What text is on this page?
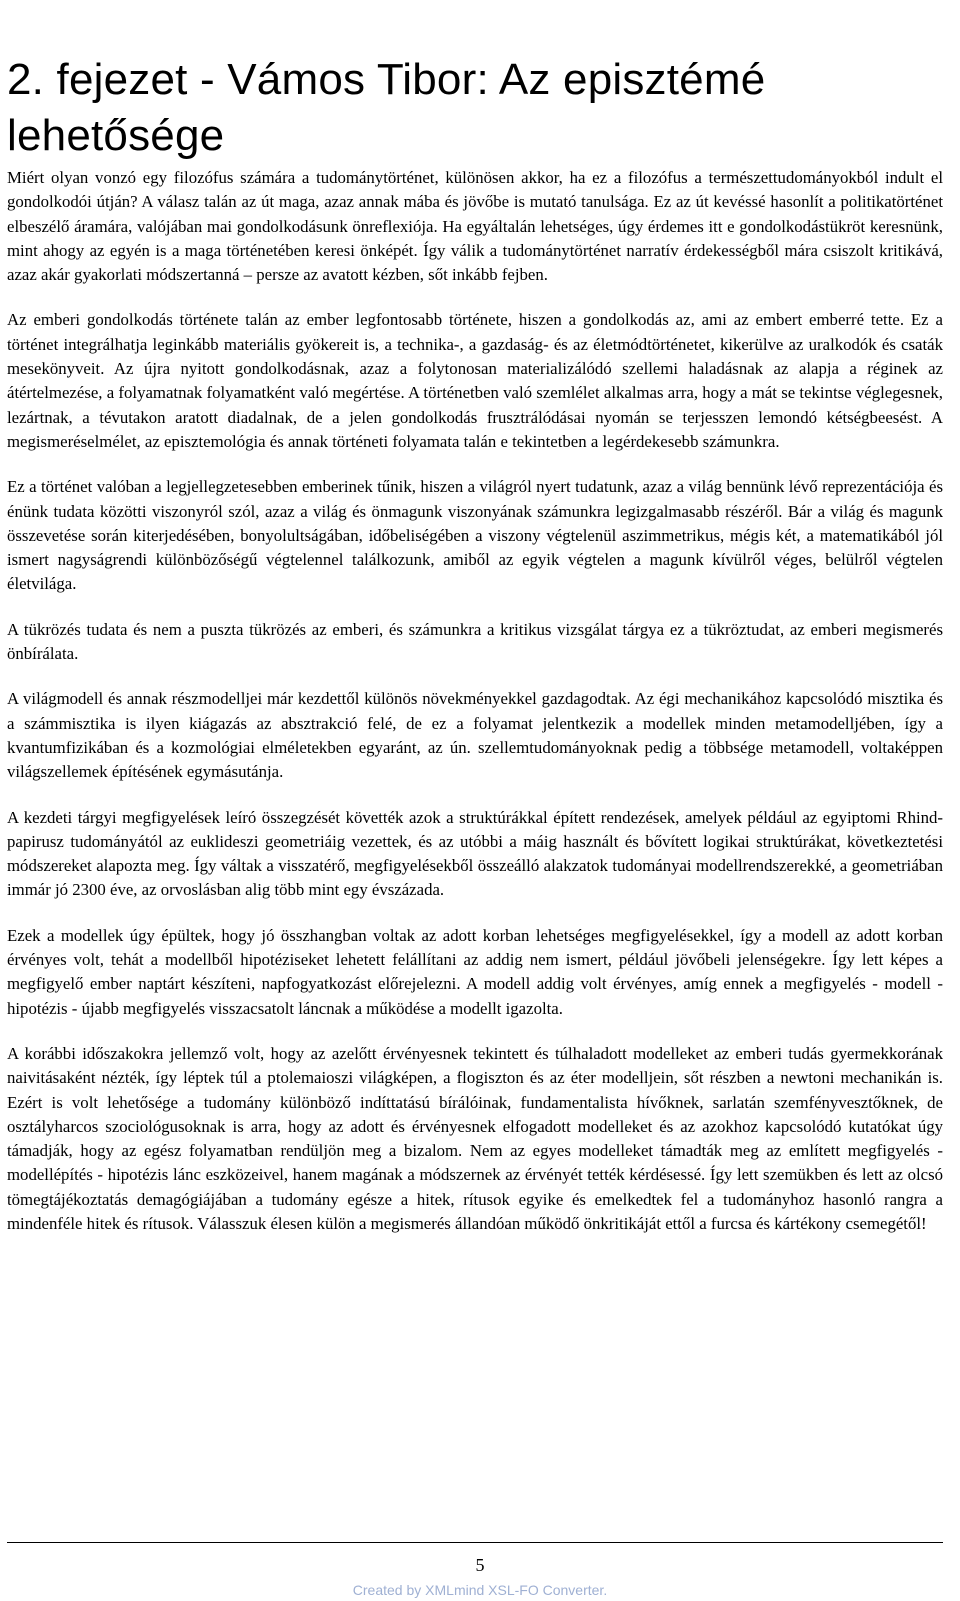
2. fejezet - Vámos Tibor: Az episztémé lehetősége

Miért olyan vonzó egy filozófus számára a tudománytörténet, különösen akkor, ha ez a filozófus a természettudományokból indult el gondolkodói útján? A válasz talán az út maga, azaz annak mába és jövőbe is mutató tanulsága. Ez az út kevéssé hasonlít a politikatörténet elbeszélő áramára, valójában mai gondolkodásunk önreflexiója. Ha egyáltalán lehetséges, úgy érdemes itt e gondolkodástükröt keresnünk, mint ahogy az egyén is a maga történetében keresi önképét. Így válik a tudománytörténet narratív érdekességből mára csiszolt kritikává, azaz akár gyakorlati módszertanná – persze az avatott kézben, sőt inkább fejben.

Az emberi gondolkodás története talán az ember legfontosabb története, hiszen a gondolkodás az, ami az embert emberré tette. Ez a történet integrálhatja leginkább materiális gyökereit is, a technika-, a gazdaság- és az életmódtörténetet, kikerülve az uralkodók és csaták mesekönyveit. Az újra nyitott gondolkodásnak, azaz a folytonosan materializálódó szellemi haladásnak az alapja a réginek az átértelmezése, a folyamatnak folyamatként való megértése. A történetben való szemlélet alkalmas arra, hogy a mát se tekintse véglegesnek, lezártnak, a tévutakon aratott diadalnak, de a jelen gondolkodás frusztrálódásai nyomán se terjesszen lemondó kétségbeesést. A megismeréselmélet, az episztemológia és annak történeti folyamata talán e tekintetben a legérdekesebb számunkra.

Ez a történet valóban a legjellegzetesebben emberinek tűnik, hiszen a világról nyert tudatunk, azaz a világ bennünk lévő reprezentációja és énünk tudata közötti viszonyról szól, azaz a világ és önmagunk viszonyának számunkra legizgalmasabb részéről. Bár a világ és magunk összevetése során kiterjedésében, bonyolultságában, időbeliségében a viszony végtelenül aszimmetrikus, mégis két, a matematikából jól ismert nagyságrendi különbözőségű végtelennel találkozunk, amiből az egyik végtelen a magunk kívülről véges, belülről végtelen életvilága.

A tükrözés tudata és nem a puszta tükrözés az emberi, és számunkra a kritikus vizsgálat tárgya ez a tükröztudat, az emberi megismerés önbírálata.

A világmodell és annak részmodelljei már kezdettől különös növekményekkel gazdagodtak. Az égi mechanikához kapcsolódó misztika és a számmisztika is ilyen kiágazás az absztrakció felé, de ez a folyamat jelentkezik a modellek minden metamodelljében, így a kvantumfizikában és a kozmológiai elméletekben egyaránt, az ún. szellemtudományoknak pedig a többsége metamodell, voltaképpen világszellemek építésének egymásutánja.

A kezdeti tárgyi megfigyelések leíró összegzését követték azok a struktúrákkal épített rendezések, amelyek például az egyiptomi Rhind-papirusz tudományától az euklideszi geometriáig vezettek, és az utóbbi a máig használt és bővített logikai struktúrákat, következtetési módszereket alapozta meg. Így váltak a visszatérő, megfigyelésekből összeálló alakzatok tudományai modellrendszerekké, a geometriában immár jó 2300 éve, az orvoslásban alig több mint egy évszázada.

Ezek a modellek úgy épültek, hogy jó összhangban voltak az adott korban lehetséges megfigyelésekkel, így a modell az adott korban érvényes volt, tehát a modellből hipotéziseket lehetett felállítani az addig nem ismert, például jövőbeli jelenségekre. Így lett képes a megfigyelő ember naptárt készíteni, napfogyatkozást előrejelezni. A modell addig volt érvényes, amíg ennek a megfigyelés - modell - hipotézis - újabb megfigyelés visszacsatolt láncnak a működése a modellt igazolta.

A korábbi időszakokra jellemző volt, hogy az azelőtt érvényesnek tekintett és túlhaladott modelleket az emberi tudás gyermekkorának naivitásaként nézték, így léptek túl a ptolemaioszi világképen, a flogiszton és az éter modelljein, sőt részben a newtoni mechanikán is. Ezért is volt lehetősége a tudomány különböző indíttatású bírálóinak, fundamentalista hívőknek, sarlatán szemfényvesztőknek, de osztályharcos szociológusoknak is arra, hogy az adott és érvényesnek elfogadott modelleket és az azokhoz kapcsolódó kutatókat úgy támadják, hogy az egész folyamatban rendüljön meg a bizalom. Nem az egyes modelleket támadták meg az említett megfigyelés - modellépítés - hipotézis lánc eszközeivel, hanem magának a módszernek az érvényét tették kérdésessé. Így lett szemükben és lett az olcsó tömegtájékoztatás demagógiájában a tudomány egésze a hitek, rítusok egyike és emelkedtek fel a tudományhoz hasonló rangra a mindenféle hitek és rítusok. Válasszuk élesen külön a megismerés állandóan működő önkritikáját ettől a furcsa és kártékony csemegétől!

5
Created by XMLmind XSL-FO Converter.
